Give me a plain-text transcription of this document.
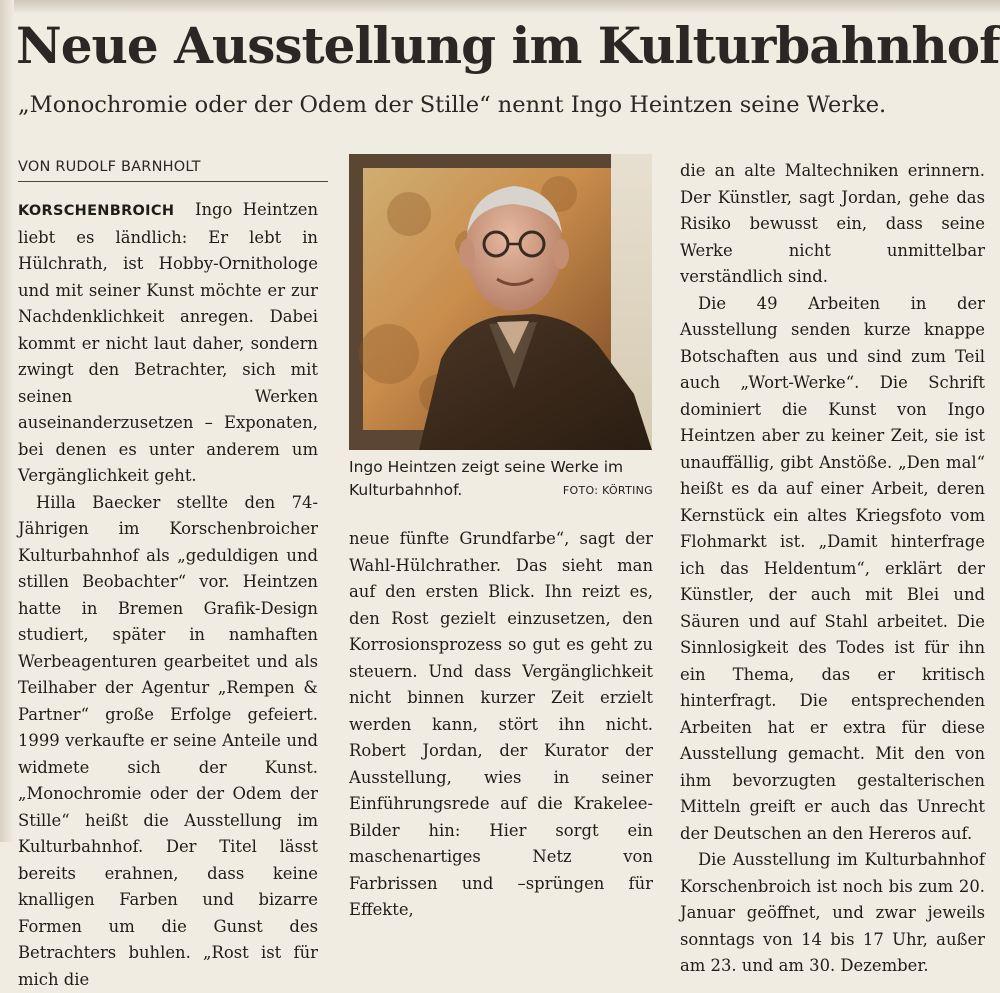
Neue Ausstellung im Kulturbahnhof
„Monochromie oder der Odem der Stille“ nennt Ingo Heintzen seine Werke.
VON RUDOLF BARNHOLT

KORSCHENBROICH Ingo Heintzen liebt es ländlich: Er lebt in Hülchrath, ist Hobby-Ornithologe und mit seiner Kunst möchte er zur Nachdenklichkeit anregen. Dabei kommt er nicht laut daher, sondern zwingt den Betrachter, sich mit seinen Werken auseinanderzusetzen – Exponaten, bei denen es unter anderem um Vergänglichkeit geht.

Hilla Baecker stellte den 74-Jährigen im Korschenbroicher Kulturbahnhof als „geduldigen und stillen Beobachter“ vor. Heintzen hatte in Bremen Grafik-Design studiert, später in namhaften Werbeagenturen gearbeitet und als Teilhaber der Agentur „Rempen & Partner“ große Erfolge gefeiert. 1999 verkaufte er seine Anteile und widmete sich der Kunst. „Monochromie oder der Odem der Stille“ heißt die Ausstellung im Kulturbahnhof. Der Titel lässt bereits erahnen, dass keine knalligen Farben und bizarre Formen um die Gunst des Betrachters buhlen. „Rost ist für mich die

Ingo Heintzen zeigt seine Werke im Kulturbahnhof.	FOTO: KÖRTING

neue fünfte Grundfarbe“, sagt der Wahl-Hülchrather. Das sieht man auf den ersten Blick. Ihn reizt es, den Rost gezielt einzusetzen, den Korrosionsprozess so gut es geht zu steuern. Und dass Vergänglichkeit nicht binnen kurzer Zeit erzielt werden kann, stört ihn nicht. Robert Jordan, der Kurator der Ausstellung, wies in seiner Einführungsrede auf die Krakelee-Bilder hin: Hier sorgt ein maschenartiges Netz von Farbrissen und –sprüngen für Effekte,

die an alte Maltechniken erinnern. Der Künstler, sagt Jordan, gehe das Risiko bewusst ein, dass seine Werke nicht unmittelbar verständlich sind.

Die 49 Arbeiten in der Ausstellung senden kurze knappe Botschaften aus und sind zum Teil auch „Wort-Werke“. Die Schrift dominiert die Kunst von Ingo Heintzen aber zu keiner Zeit, sie ist unauffällig, gibt Anstöße. „Den mal“ heißt es da auf einer Arbeit, deren Kernstück ein altes Kriegsfoto vom Flohmarkt ist. „Damit hinterfrage ich das Heldentum“, erklärt der Künstler, der auch mit Blei und Säuren und auf Stahl arbeitet. Die Sinnlosigkeit des Todes ist für ihn ein Thema, das er kritisch hinterfragt. Die entsprechenden Arbeiten hat er extra für diese Ausstellung gemacht. Mit den von ihm bevorzugten gestalterischen Mitteln greift er auch das Unrecht der Deutschen an den Hereros auf.

Die Ausstellung im Kulturbahnhof Korschenbroich ist noch bis zum 20. Januar geöffnet, und zwar jeweils sonntags von 14 bis 17 Uhr, außer am 23. und am 30. Dezember.
